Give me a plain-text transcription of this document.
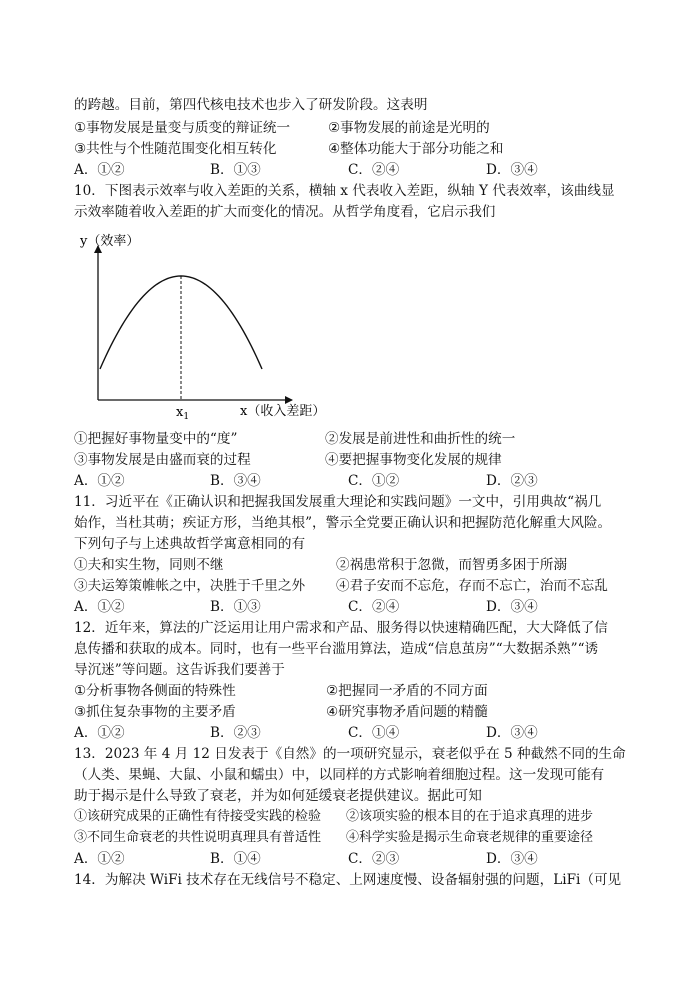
的跨越。目前，第四代核电技术也步入了研发阶段。这表明
①事物发展是量变与质变的辩证统一	②事物发展的前途是光明的
③共性与个性随范围变化相互转化	④整体功能大于部分功能之和
A．①②	B．①③	C．②④	D．③④
10．下图表示效率与收入差距的关系，横轴 x 代表收入差距，纵轴 Y 代表效率，该曲线显
示效率随着收入差距的扩大而变化的情况。从哲学角度看，它启示我们
y（效率）
$x_1$	x（收入差距）
①把握好事物量变中的“度”	②发展是前进性和曲折性的统一
③事物发展是由盛而衰的过程	④要把握事物变化发展的规律
A．①②	B．③④	C．①②	D．②③
11．习近平在《正确认识和把握我国发展重大理论和实践问题》一文中，引用典故“祸几
始作，当杜其萌；疾证方形，当绝其根”，警示全党要正确认识和把握防范化解重大风险。
下列句子与上述典故哲学寓意相同的有
①夫和实生物，同则不继	②祸患常积于忽微，而智勇多困于所溺
③夫运筹策帷帐之中，决胜于千里之外 ④君子安而不忘危，存而不忘亡，治而不忘乱
A．①②	B．①③	C．②④	D．③④
12．近年来，算法的广泛运用让用户需求和产品、服务得以快速精确匹配，大大降低了信
息传播和获取的成本。同时，也有一些平台滥用算法，造成“信息茧房”“大数据杀熟”“诱
导沉迷”等问题。这告诉我们要善于
①分析事物各侧面的特殊性	②把握同一矛盾的不同方面
③抓住复杂事物的主要矛盾	④研究事物矛盾问题的精髓
A．①②	B．②③	C．①④	D．③④
13．2023 年 4 月 12 日发表于《自然》的一项研究显示，衰老似乎在 5 种截然不同的生命
（人类、果蝇、大鼠、小鼠和蠕虫）中，以同样的方式影响着细胞过程。这一发现可能有
助于揭示是什么导致了衰老，并为如何延缓衰老提供建议。据此可知
①该研究成果的正确性有待接受实践的检验 ②该项实验的根本目的在于追求真理的进步
③不同生命衰老的共性说明真理具有普适性 ④科学实验是揭示生命衰老规律的重要途径
A．①②	B．①④	C．②③	D．③④
14．为解决 WiFi 技术存在无线信号不稳定、上网速度慢、设备辐射强的问题，LiFi（可见
